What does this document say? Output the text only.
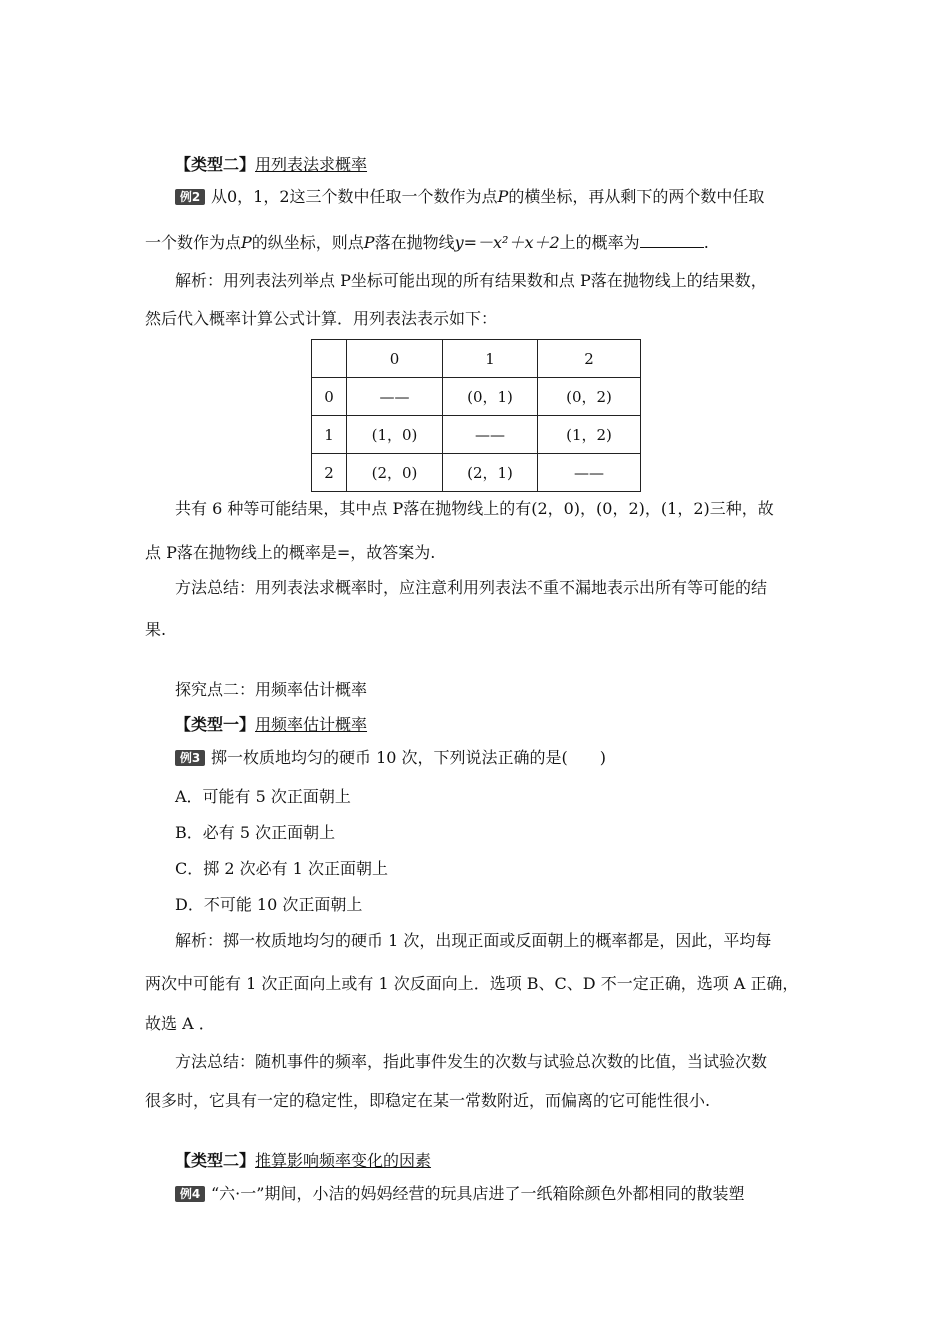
【类型二】用列表法求概率
例2 从0，1，2这三个数中任取一个数作为点P的横坐标，再从剩下的两个数中任取
一个数作为点P的纵坐标，则点P落在抛物线y=－x²＋x＋2上的概率为	.
解析：用列表法列举点 P坐标可能出现的所有结果数和点 P落在抛物线上的结果数，
然后代入概率计算公式计算．用列表法表示如下：
	0	1	2
0	——	(0，1)	(0，2)
1	(1，0)	——	(1，2)
2	(2，0)	(2，1)	——
共有 6 种等可能结果，其中点 P落在抛物线上的有(2，0)，(0，2)，(1，2)三种，故
点 P落在抛物线上的概率是=，故答案为.
方法总结：用列表法求概率时，应注意利用列表法不重不漏地表示出所有等可能的结
果.
探究点二：用频率估计概率
【类型一】用频率估计概率
例3 掷一枚质地均匀的硬币 10 次，下列说法正确的是(　　)
A．可能有 5 次正面朝上
B．必有 5 次正面朝上
C．掷 2 次必有 1 次正面朝上
D．不可能 10 次正面朝上
解析：掷一枚质地均匀的硬币 1 次，出现正面或反面朝上的概率都是，因此，平均每
两次中可能有 1 次正面向上或有 1 次反面向上．选项 B、C、D 不一定正确，选项 A 正确，
故选 A ．
方法总结：随机事件的频率，指此事件发生的次数与试验总次数的比值，当试验次数
很多时，它具有一定的稳定性，即稳定在某一常数附近，而偏离的它可能性很小.
【类型二】推算影响频率变化的因素
例4 “六·一”期间，小洁的妈妈经营的玩具店进了一纸箱除颜色外都相同的散装塑
